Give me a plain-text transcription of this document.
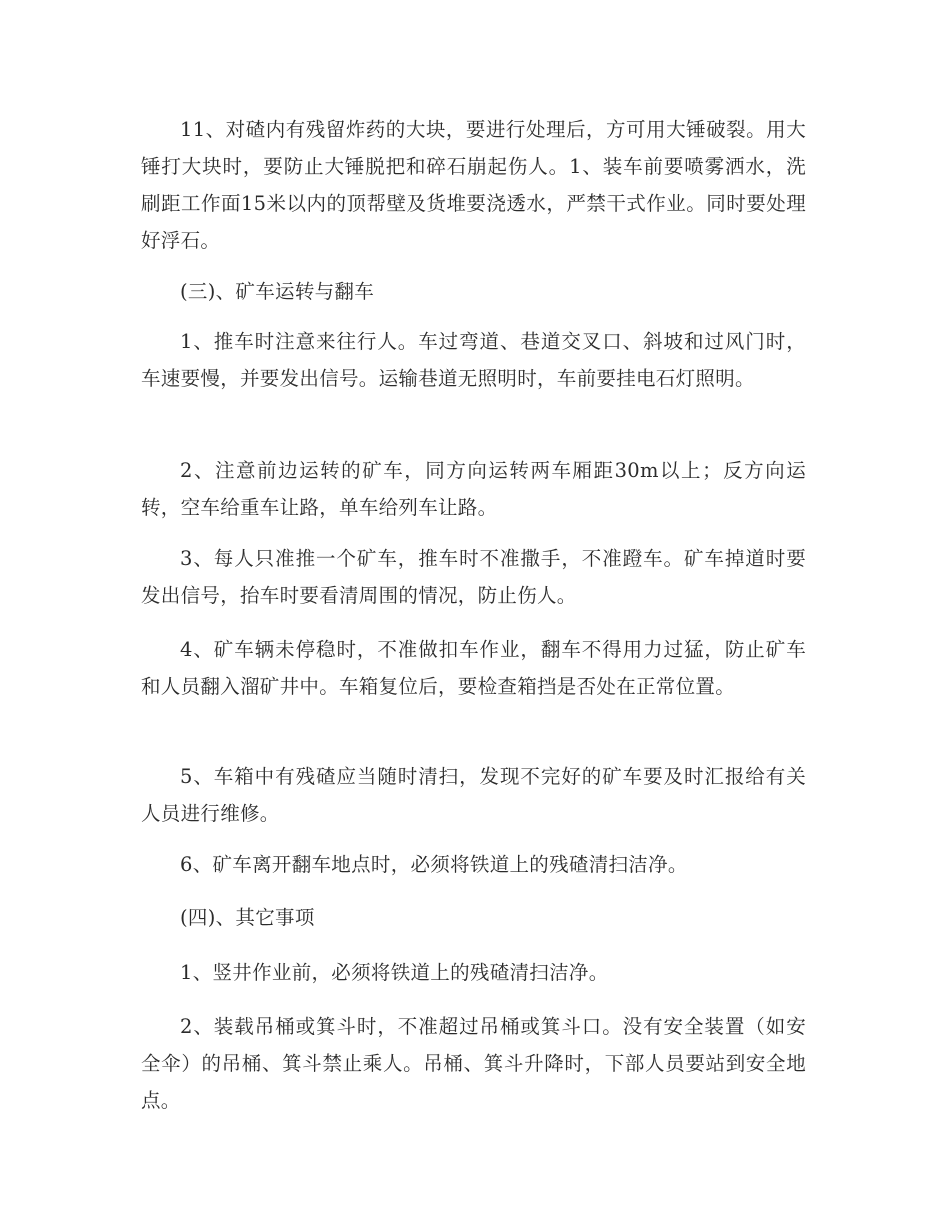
11、对碴内有残留炸药的大块，要进行处理后，方可用大锤破裂。用大锤打大块时，要防止大锤脱把和碎石崩起伤人。1、装车前要喷雾洒水，洗刷距工作面15米以内的顶帮壁及货堆要浇透水，严禁干式作业。同时要处理好浮石。

(三)、矿车运转与翻车

1、推车时注意来往行人。车过弯道、巷道交叉口、斜坡和过风门时，车速要慢，并要发出信号。运输巷道无照明时，车前要挂电石灯照明。

2、注意前边运转的矿车，同方向运转两车厢距30m以上；反方向运转，空车给重车让路，单车给列车让路。

3、每人只准推一个矿车，推车时不准撒手，不准蹬车。矿车掉道时要发出信号，抬车时要看清周围的情况，防止伤人。

4、矿车辆未停稳时，不准做扣车作业，翻车不得用力过猛，防止矿车和人员翻入溜矿井中。车箱复位后，要检查箱挡是否处在正常位置。

5、车箱中有残碴应当随时清扫，发现不完好的矿车要及时汇报给有关人员进行维修。

6、矿车离开翻车地点时，必须将铁道上的残碴清扫洁净。

(四)、其它事项

1、竖井作业前，必须将铁道上的残碴清扫洁净。

2、装载吊桶或箕斗时，不准超过吊桶或箕斗口。没有安全装置（如安全伞）的吊桶、箕斗禁止乘人。吊桶、箕斗升降时，下部人员要站到安全地点。
